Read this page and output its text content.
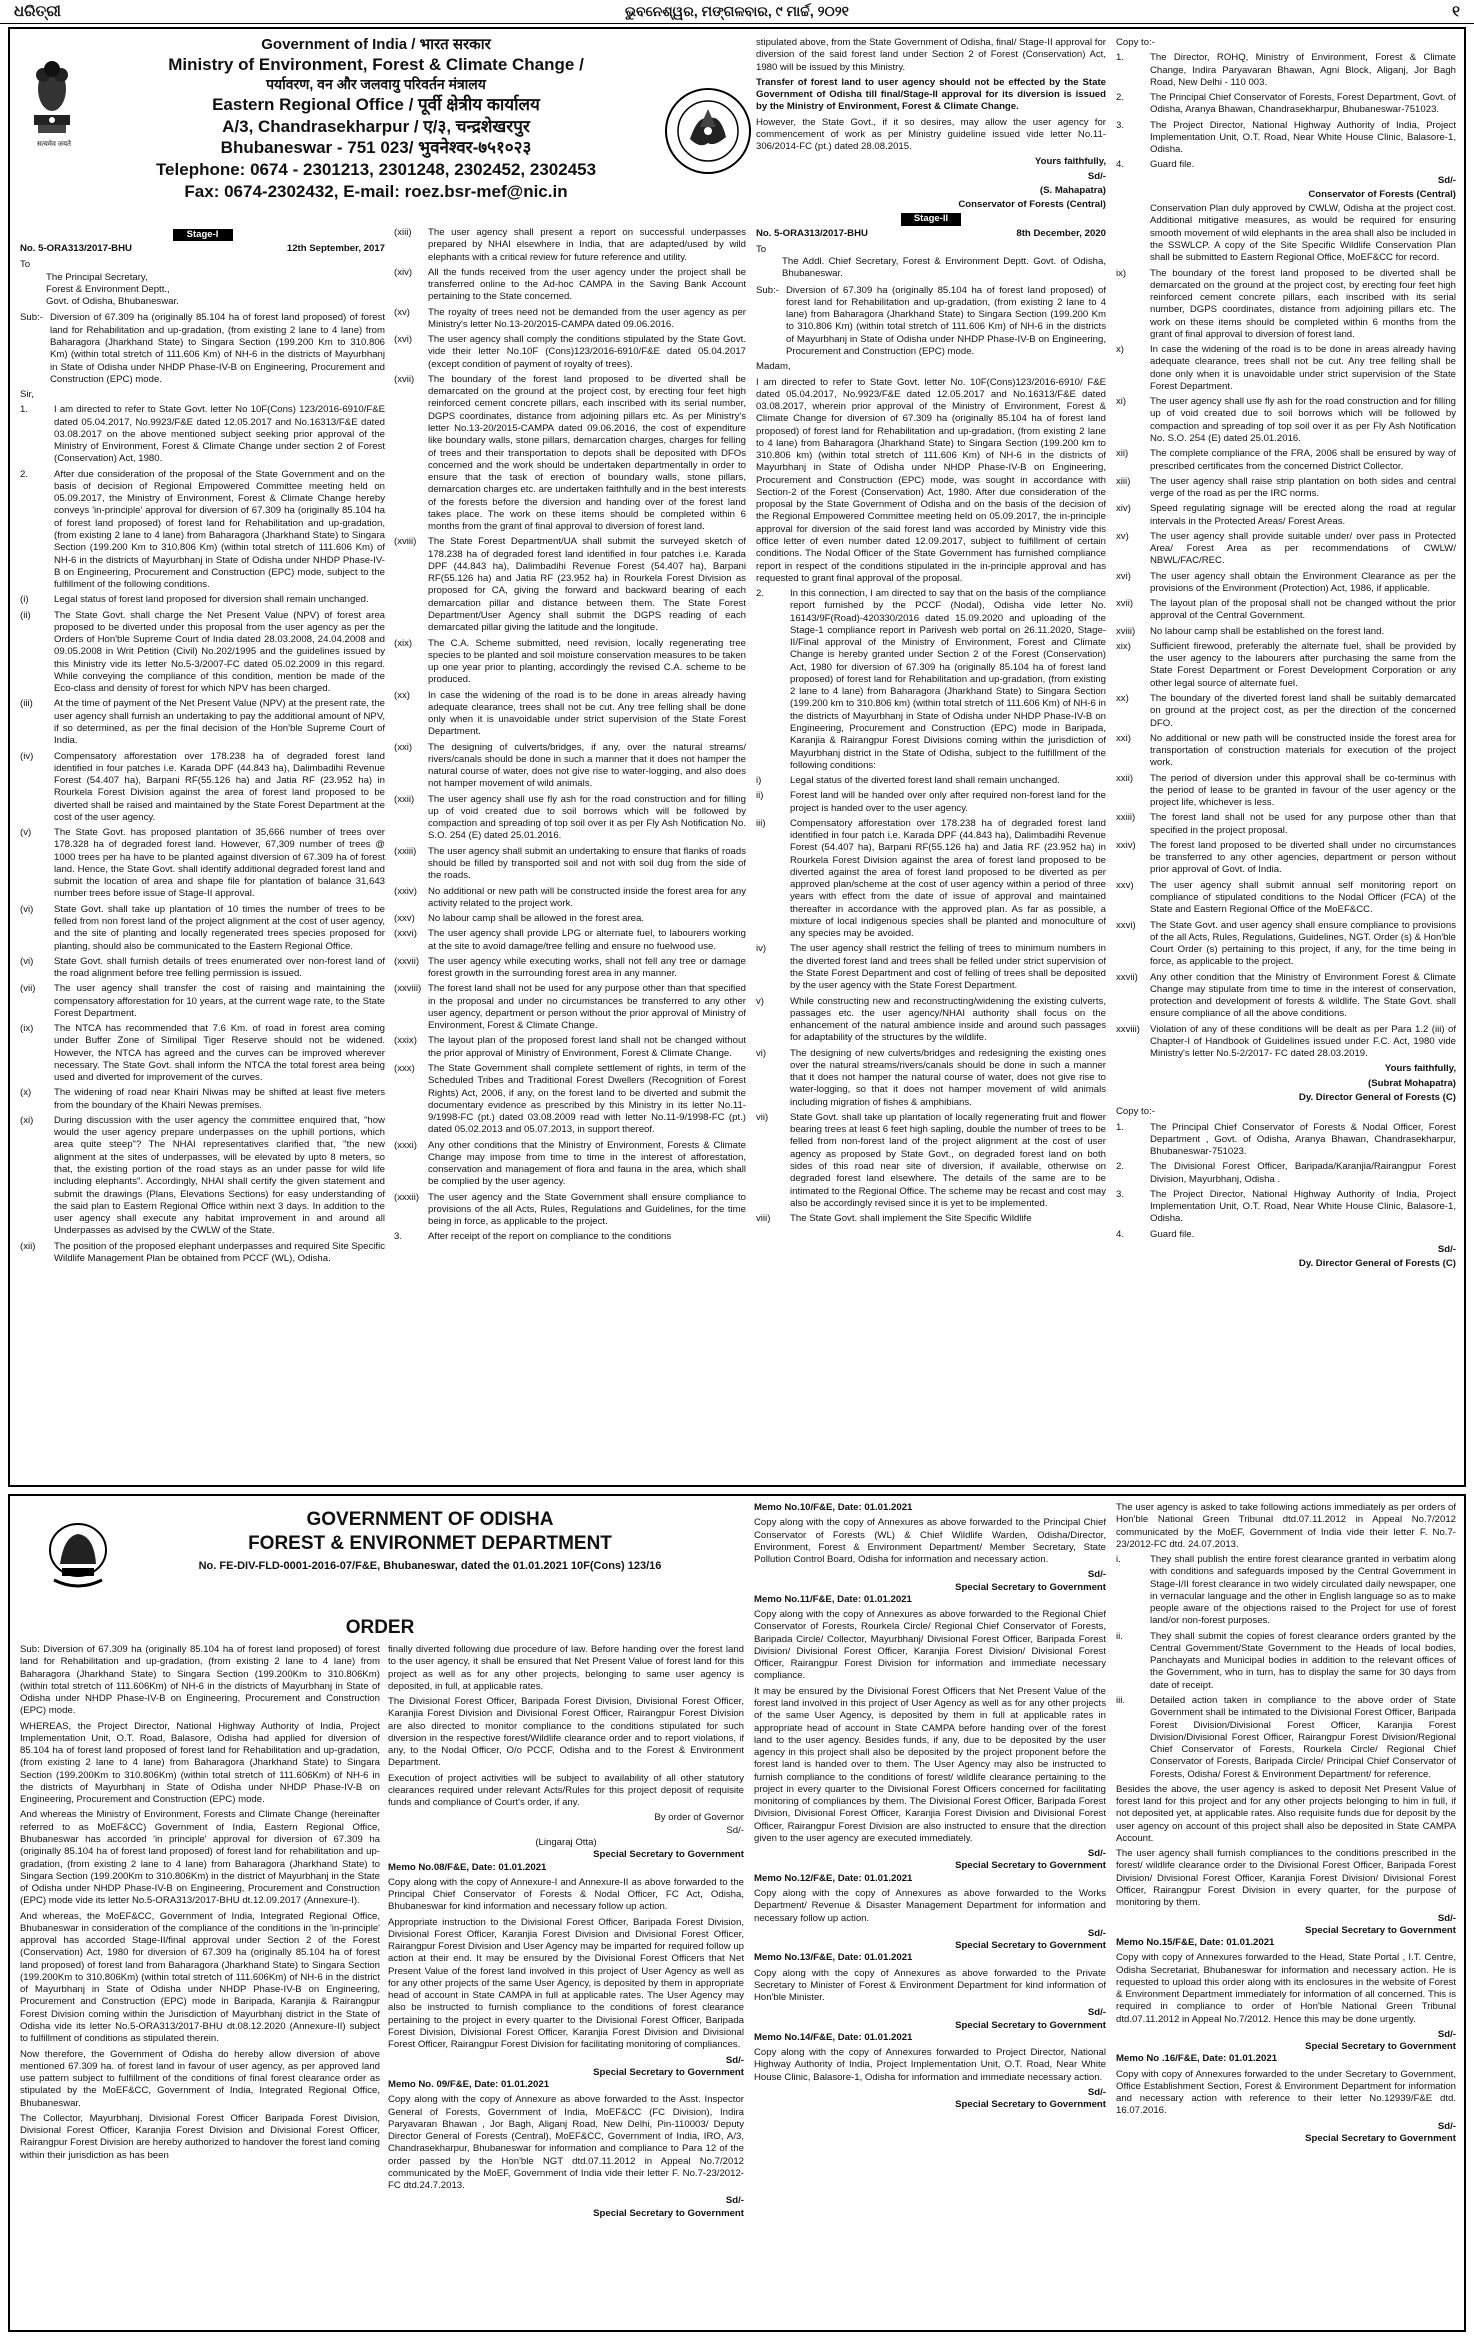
ଧରିତ୍ରୀ	ଭୁବନେଶ୍ୱର, ମଙ୍ଗଳବାର, ୯ ମାର୍ଚ୍ଚ, ୨୦୨୧	୧
सत्यमेव जयते
Government of India / भारत सरकार
Ministry of Environment, Forest & Climate Change /
पर्यावरण, वन और जलवायु परिवर्तन मंत्रालय
Eastern Regional Office / पूर्वी क्षेत्रीय कार्यालय
A/3, Chandrasekharpur / ए/३, चन्द्रशेखरपुर
Bhubaneswar - 751 023/ भुवनेश्वर-७५१०२३
Telephone: 0674 - 2301213, 2301248, 2302452, 2302453
Fax: 0674-2302432, E-mail: roez.bsr-mef@nic.in
Stage-I
No. 5-ORA313/2017-BHU	12th September, 2017
To
The Principal Secretary,
Forest & Environment Deptt.,
Govt. of Odisha, Bhubaneswar.
Sub:- Diversion of 67.309 ha (originally 85.104 ha of forest land proposed) of forest land for Rehabilitation and up-gradation, (from existing 2 lane to 4 lane) from Baharagora (Jharkhand State) to Singara Section (199.200 Km to 310.806 Km) (within total stretch of 111.606 Km) of NH-6 in the districts of Mayurbhanj in State of Odisha under NHDP Phase-IV-B on Engineering, Procurement and Construction (EPC) mode.
Sir,
1.	I am directed to refer to State Govt. letter No 10F(Cons) 123/2016-6910/F&E dated 05.04.2017, No.9923/F&E dated 12.05.2017 and No.16313/F&E dated 03.08.2017 on the above mentioned subject seeking prior approval of the Ministry of Environment, Forest & Climate Change under section 2 of Forest (Conservation) Act, 1980.
2.	After due consideration of the proposal of the State Government and on the basis of decision of Regional Empowered Committee meeting held on 05.09.2017, the Ministry of Environment, Forest & Climate Change hereby conveys 'in-principle' approval for diversion of 67.309 ha (originally 85.104 ha of forest land proposed) of forest land for Rehabilitation and up-gradation, (from existing 2 lane to 4 lane) from Baharagora (Jharkhand State) to Singara Section (199.200 Km to 310.806 Km) (within total stretch of 111.606 Km) of NH-6 in the districts of Mayurbhanj in State of Odisha under NHDP Phase-IV-B on Engineering, Procurement and Construction (EPC) mode, subject to the fulfillment of the following conditions.
(i)	Legal status of forest land proposed for diversion shall remain unchanged.
(ii)	The State Govt. shall charge the Net Present Value (NPV) of forest area proposed to be diverted under this proposal from the user agency as per the Orders of Hon'ble Supreme Court of India dated 28.03.2008, 24.04.2008 and 09.05.2008 in Writ Petition (Civil) No.202/1995 and the guidelines issued by this Ministry vide its letter No.5-3/2007-FC dated 05.02.2009 in this regard. While conveying the compliance of this condition, mention be made of the Eco-class and density of forest for which NPV has been charged.
(iii)	At the time of payment of the Net Present Value (NPV) at the present rate, the user agency shall furnish an undertaking to pay the additional amount of NPV, if so determined, as per the final decision of the Hon'ble Supreme Court of India.
(iv)	Compensatory afforestation over 178.238 ha of degraded forest land identified in four patches i.e. Karada DPF (44.843 ha), Dalimbadihi Revenue Forest (54.407 ha), Barpani RF(55.126 ha) and Jatia RF (23.952 ha) in Rourkela Forest Division against the area of forest land proposed to be diverted shall be raised and maintained by the State Forest Department at the cost of the user agency.
(v)	The State Govt. has proposed plantation of 35,666 number of trees over 178.328 ha of degraded forest land. However, 67,309 number of trees @ 1000 trees per ha have to be planted against diversion of 67.309 ha of forest land. Hence, the State Govt. shall identify additional degraded forest land and submit the location of area and shape file for plantation of balance 31,643 number trees before issue of Stage-II approval.
(vi)	State Govt. shall take up plantation of 10 times the number of trees to be felled from non forest land of the project alignment at the cost of user agency, and the site of planting and locally regenerated trees species proposed for planting, should also be communicated to the Eastern Regional Office.
(vi)	State Govt. shall furnish details of trees enumerated over non-forest land of the road alignment before tree felling permission is issued.
(vii)	The user agency shall transfer the cost of raising and maintaining the compensatory afforestation for 10 years, at the current wage rate, to the State Forest Department.
(ix)	The NTCA has recommended that 7.6 Km. of road in forest area coming under Buffer Zone of Similipal Tiger Reserve should not be widened. However, the NTCA has agreed and the curves can be improved wherever necessary. The State Govt. shall inform the NTCA the total forest area being used and diverted for improvement of the curves.
(x)	The widening of road near Khairi Niwas may be shifted at least five meters from the boundary of the Khairi Newas premises.
(xi)	During discussion with the user agency the committee enquired that, "how would the user agency prepare underpasses on the uphill portions, which area quite steep"? The NHAI representatives clarified that, "the new alignment at the sites of underpasses, will be elevated by upto 8 meters, so that, the existing portion of the road stays as an under passe for wild life including elephants". Accordingly, NHAI shall certify the given statement and submit the drawings (Plans, Elevations Sections) for easy understanding of the said plan to Eastern Regional Office within next 3 days. In addition to the user agency shall execute any habitat improvement in and around all Underpasses as advised by the CWLW of the State.
(xii)	The position of the proposed elephant underpasses and required Site Specific Wildlife Management Plan be obtained from PCCF (WL), Odisha.
(xiii)	The user agency shall present a report on successful underpasses prepared by NHAI elsewhere in India, that are adapted/used by wild elephants with a critical review for future reference and utility.
(xiv)	All the funds received from the user agency under the project shall be transferred online to the Ad-hoc CAMPA in the Saving Bank Account pertaining to the State concerned.
(xv)	The royalty of trees need not be demanded from the user agency as per Ministry's letter No.13-20/2015-CAMPA dated 09.06.2016.
(xvi)	The user agency shall comply the conditions stipulated by the State Govt. vide their letter No.10F (Cons)123/2016-6910/F&E dated 05.04.2017 (except condition of payment of royalty of trees).
(xvii)	The boundary of the forest land proposed to be diverted shall be demarcated on the ground at the project cost, by erecting four feet high reinforced cement concrete pillars, each inscribed with its serial number, DGPS coordinates, distance from adjoining pillars etc. As per Ministry's letter No.13-20/2015-CAMPA dated 09.06.2016, the cost of expenditure like boundary walls, stone pillars, demarcation charges, charges for felling of trees and their transportation to depots shall be deposited with DFOs concerned and the work should be undertaken departmentally in order to ensure that the task of erection of boundary walls, stone pillars, demarcation charges etc. are undertaken faithfully and in the best interests of the forests before the diversion and handing over of the forest land takes place. The work on these items should be completed within 6 months from the grant of final approval to diversion of forest land.
(xviii)	The State Forest Department/UA shall submit the surveyed sketch of 178.238 ha of degraded forest land identified in four patches i.e. Karada DPF (44.843 ha), Dalimbadihi Revenue Forest (54.407 ha), Barpani RF(55.126 ha) and Jatia RF (23.952 ha) in Rourkela Forest Division as proposed for CA, giving the forward and backward bearing of each demarcation pillar and distance between them. The State Forest Department/User Agency shall submit the DGPS reading of each demarcated pillar giving the latitude and the longitude.
(xix)	The C.A. Scheme submitted, need revision, locally regenerating tree species to be planted and soil moisture conservation measures to be taken up one year prior to planting, accordingly the revised C.A. scheme to be produced.
(xx)	In case the widening of the road is to be done in areas already having adequate clearance, trees shall not be cut. Any tree felling shall be done only when it is unavoidable under strict supervision of the State Forest Department.
(xxi)	The designing of culverts/bridges, if any, over the natural streams/ rivers/canals should be done in such a manner that it does not hamper the natural course of water, does not give rise to water-logging, and also does not hamper movement of wild animals.
(xxii)	The user agency shall use fly ash for the road construction and for filling up of void created due to soil borrows which will be followed by compaction and spreading of top soil over it as per Fly Ash Notification No. S.O. 254 (E) dated 25.01.2016.
(xxiii)	The user agency shall submit an undertaking to ensure that flanks of roads should be filled by transported soil and not with soil dug from the side of the roads.
(xxiv)	No additional or new path will be constructed inside the forest area for any activity related to the project work.
(xxv)	No labour camp shall be allowed in the forest area.
(xxvi)	The user agency shall provide LPG or alternate fuel, to labourers working at the site to avoid damage/tree felling and ensure no fuelwood use.
(xxvii) The user agency while executing works, shall not fell any tree or damage forest growth in the surrounding forest area in any manner.
(xxviii) The forest land shall not be used for any purpose other than that specified in the proposal and under no circumstances be transferred to any other user agency, department or person without the prior approval of Ministry of Environment, Forest & Climate Change.
(xxix)	The layout plan of the proposed forest land shall not be changed without the prior approval of Ministry of Environment, Forest & Climate Change.
(xxx)	The State Government shall complete settlement of rights, in term of the Scheduled Tribes and Traditional Forest Dwellers (Recognition of Forest Rights) Act, 2006, if any, on the forest land to be diverted and submit the documentary evidence as prescribed by this Ministry in its letter No.11-9/1998-FC (pt.) dated 03.08.2009 read with letter No.11-9/1998-FC (pt.) dated 05.02.2013 and 05.07.2013, in support thereof.
(xxxi)	Any other conditions that the Ministry of Environment, Forests & Climate Change may impose from time to time in the interest of afforestation, conservation and management of flora and fauna in the area, which shall be complied by the user agency.
(xxxii) The user agency and the State Government shall ensure compliance to provisions of the all Acts, Rules, Regulations and Guidelines, for the time being in force, as applicable to the project.
3.	After receipt of the report on compliance to the conditions
stipulated above, from the State Government of Odisha, final/ Stage-II approval for diversion of the said forest land under Section 2 of Forest (Conservation) Act, 1980 will be issued by this Ministry.
Transfer of forest land to user agency should not be effected by the State Government of Odisha till final/Stage-II approval for its diversion is issued by the Ministry of Environment, Forest & Climate Change.
However, the State Govt., if it so desires, may allow the user agency for commencement of work as per Ministry guideline issued vide letter No.11-306/2014-FC (pt.) dated 28.08.2015.
Yours faithfully,
Sd/-
(S. Mahapatra)
Conservator of Forests (Central)
Stage-II
No. 5-ORA313/2017-BHU	8th December, 2020
To
The Addl. Chief Secretary, Forest & Environment Deptt. Govt. of Odisha, Bhubaneswar.
Sub:- Diversion of 67.309 ha (originally 85.104 ha of forest land proposed) of forest land for Rehabilitation and up-gradation, (from existing 2 lane to 4 lane) from Baharagora (Jharkhand State) to Singara Section (199.200 Km to 310.806 Km) (within total stretch of 111.606 Km) of NH-6 in the districts of Mayurbhanj in State of Odisha under NHDP Phase-IV-B on Engineering, Procurement and Construction (EPC) mode.
Madam,
I am directed to refer to State Govt. letter No. 10F(Cons)123/2016-6910/ F&E dated 05.04.2017, No.9923/F&E dated 12.05.2017 and No.16313/F&E dated 03.08.2017, wherein prior approval of the Ministry of Environment, Forest & Climate Change for diversion of 67.309 ha (originally 85.104 ha of forest land proposed) of forest land for Rehabilitation and up-gradation, (from existing 2 lane to 4 lane) from Baharagora (Jharkhand State) to Singara Section (199.200 km to 310.806 km) (within total stretch of 111.606 Km) of NH-6 in the districts of Mayurbhanj in State of Odisha under NHDP Phase-IV-B on Engineering, Procurement and Construction (EPC) mode, was sought in accordance with Section-2 of the Forest (Conservation) Act, 1980. After due consideration of the proposal by the State Government of Odisha and on the basis of the decision of the Regional Empowered Committee meeting held on 05.09.2017, the in-principle approval for diversion of the said forest land was accorded by Ministry vide this office letter of even number dated 12.09.2017, subject to fulfillment of certain conditions. The Nodal Officer of the State Government has furnished compliance report in respect of the conditions stipulated in the in-principle approval and has requested to grant final approval of the proposal.
2.	In this connection, I am directed to say that on the basis of the compliance report furnished by the PCCF (Nodal), Odisha vide letter No. 16143/9F(Road)-420330/2016 dated 15.09.2020 and uploading of the Stage-1 compliance report in Parivesh web portal on 26.11.2020, Stage-II/Final approval of the Ministry of Environment, Forest and Climate Change is hereby granted under Section 2 of the Forest (Conservation) Act, 1980 for diversion of 67.309 ha (originally 85.104 ha of forest land proposed) of forest land for Rehabilitation and up-gradation, (from existing 2 lane to 4 lane) from Baharagora (Jharkhand State) to Singara Section (199.200 km to 310.806 km) (within total stretch of 111.606 Km) of NH-6 in the districts of Mayurbhanj in State of Odisha under NHDP Phase-IV-B on Engineering, Procurement and Construction (EPC) mode in Baripada, Karanjia & Rairangpur Forest Divisions coming within the jurisdiction of Mayurbhanj district in the State of Odisha, subject to the fulfillment of the following conditions:
i)	Legal status of the diverted forest land shall remain unchanged.
ii)	Forest land will be handed over only after required non-forest land for the project is handed over to the user agency.
iii)	Compensatory afforestation over 178.238 ha of degraded forest land identified in four patch i.e. Karada DPF (44.843 ha), Dalimbadihi Revenue Forest (54.407 ha), Barpani RF(55.126 ha) and Jatia RF (23.952 ha) in Rourkela Forest Division against the area of forest land proposed to be diverted against the area of forest land proposed to be diverted as per approved plan/scheme at the cost of user agency within a period of three years with effect from the date of issue of approval and maintained thereafter in accordance with the approved plan. As far as possible, a mixture of local indigenous species shall be planted and monoculture of any species may be avoided.
iv)	The user agency shall restrict the felling of trees to minimum numbers in the diverted forest land and trees shall be felled under strict supervision of the State Forest Department and cost of felling of trees shall be deposited by the user agency with the State Forest Department.
v)	While constructing new and reconstructing/widening the existing culverts, passages etc. the user agency/NHAI authority shall focus on the enhancement of the natural ambience inside and around such passages for adaptability of the structures by the wildlife.
vi)	The designing of new culverts/bridges and redesigning the existing ones over the natural streams/rivers/canals should be done in such a manner that it does not hamper the natural course of water, does not give rise to water-logging, so that it does not hamper movement of wild animals including migration of fishes & amphibians.
vii)	State Govt. shall take up plantation of locally regenerating fruit and flower bearing trees at least 6 feet high sapling, double the number of trees to be felled from non-forest land of the project alignment at the cost of user agency as proposed by State Govt., on degraded forest land on both sides of this road near site of diversion, if available, otherwise on degraded forest land elsewhere. The details of the same are to be intimated to the Regional Office. The scheme may be recast and cost may also be accordingly revised since it is yet to be implemented.
viii)	The State Govt. shall implement the Site Specific Wildlife
Copy to:-
1.	The Director, ROHQ, Ministry of Environment, Forest & Climate Change, Indira Paryavaran Bhawan, Agni Block, Aliganj, Jor Bagh Road, New Delhi - 110 003.
2.	The Principal Chief Conservator of Forests, Forest Department, Govt. of Odisha, Aranya Bhawan, Chandrasekharpur, Bhubaneswar-751023.
3.	The Project Director, National Highway Authority of India, Project Implementation Unit, O.T. Road, Near White House Clinic, Balasore-1, Odisha.
4.	Guard file.
Sd/-
Conservator of Forests (Central)
Conservation Plan duly approved by CWLW, Odisha at the project cost. Additional mitigative measures, as would be required for ensuring smooth movement of wild elephants in the area shall also be included in the SSWLCP. A copy of the Site Specific Wildlife Conservation Plan shall be submitted to Eastern Regional Office, MoEF&CC for record.
ix)	The boundary of the forest land proposed to be diverted shall be demarcated on the ground at the project cost, by erecting four feet high reinforced cement concrete pillars, each inscribed with its serial number, DGPS coordinates, distance from adjoining pillars etc. The work on these items should be completed within 6 months from the grant of final approval to diversion of forest land.
x)	In case the widening of the road is to be done in areas already having adequate clearance, trees shall not be cut. Any tree felling shall be done only when it is unavoidable under strict supervision of the State Forest Department.
xi)	The user agency shall use fly ash for the road construction and for filling up of void created due to soil borrows which will be followed by compaction and spreading of top soil over it as per Fly Ash Notification No. S.O. 254 (E) dated 25.01.2016.
xii)	The complete compliance of the FRA, 2006 shall be ensured by way of prescribed certificates from the concerned District Collector.
xiii)	The user agency shall raise strip plantation on both sides and central verge of the road as per the IRC norms.
xiv)	Speed regulating signage will be erected along the road at regular intervals in the Protected Areas/ Forest Areas.
xv)	The user agency shall provide suitable under/ over pass in Protected Area/ Forest Area as per recommendations of CWLW/ NBWL/FAC/REC.
xvi)	The user agency shall obtain the Environment Clearance as per the provisions of the Environment (Protection) Act, 1986, if applicable.
xvii)	The layout plan of the proposal shall not be changed without the prior approval of the Central Government.
xviii)	No labour camp shall be established on the forest land.
xix)	Sufficient firewood, preferably the alternate fuel, shall be provided by the user agency to the labourers after purchasing the same from the State Forest Department or Forest Development Corporation or any other legal source of alternate fuel.
xx)	The boundary of the diverted forest land shall be suitably demarcated on ground at the project cost, as per the direction of the concerned DFO.
xxi)	No additional or new path will be constructed inside the forest area for transportation of construction materials for execution of the project work.
xxii)	The period of diversion under this approval shall be co-terminus with the period of lease to be granted in favour of the user agency or the project life, whichever is less.
xxiii)	The forest land shall not be used for any purpose other than that specified in the project proposal.
xxiv)	The forest land proposed to be diverted shall under no circumstances be transferred to any other agencies, department or person without prior approval of Govt. of India.
xxv)	The user agency shall submit annual self monitoring report on compliance of stipulated conditions to the Nodal Officer (FCA) of the State and Eastern Regional Office of the MoEF&CC.
xxvi)	The State Govt. and user agency shall ensure compliance to provisions of the all Acts, Rules, Regulations, Guidelines, NGT. Order (s) & Hon'ble Court Order (s) pertaining to this project, if any, for the time being in force, as applicable to the project.
xxvii)	Any other condition that the Ministry of Environment Forest & Climate Change may stipulate from time to time in the interest of conservation, protection and development of forests & wildlife. The State Govt. shall ensure compliance of all the above conditions.
xxviii)	Violation of any of these conditions will be dealt as per Para 1.2 (iii) of Chapter-I of Handbook of Guidelines issued under F.C. Act, 1980 vide Ministry's letter No.5-2/2017- FC dated 28.03.2019.
Yours faithfully,
(Subrat Mohapatra)
Dy. Director General of Forests (C)
Copy to:-
1.	The Principal Chief Conservator of Forests & Nodal Officer, Forest Department , Govt. of Odisha, Aranya Bhawan, Chandrasekharpur, Bhubaneswar-751023.
2.	The Divisional Forest Officer, Baripada/Karanjia/Rairangpur Forest Division, Mayurbhanj, Odisha .
3.	The Project Director, National Highway Authority of India, Project Implementation Unit, O.T. Road, Near White House Clinic, Balasore-1, Odisha.
4.	Guard file.
Sd/-
Dy. Director General of Forests (C)
GOVERNMENT OF ODISHA
FOREST & ENVIRONMET DEPARTMENT
No. FE-DIV-FLD-0001-2016-07/F&E, Bhubaneswar, dated the 01.01.2021 10F(Cons) 123/16
ORDER
Sub: Diversion of 67.309 ha (originally 85.104 ha of forest land proposed) of forest land for Rehabilitation and up-gradation, (from existing 2 lane to 4 lane) from Baharagora (Jharkhand State) to Singara Section (199.200Km to 310.806Km) (within total stretch of 111.606Km) of NH-6 in the districts of Mayurbhanj in State of Odisha under NHDP Phase-IV-B on Engineering, Procurement and Construction (EPC) mode.
WHEREAS, the Project Director, National Highway Authority of India, Project Implementation Unit, O.T. Road, Balasore, Odisha had applied for diversion of 85.104 ha of forest land proposed of forest land for Rehabilitation and up-gradation, (from existing 2 lane to 4 lane) from Baharagora (Jharkhand State) to Singara Section (199.200Km to 310.806Km) (within total stretch of 111.606Km) of NH-6 in the districts of Mayurbhanj in State of Odisha under NHDP Phase-IV-B on Engineering, Procurement and Construction (EPC) mode.
And whereas the Ministry of Environment, Forests and Climate Change (hereinafter referred to as MoEF&CC) Government of India, Eastern Regional Office, Bhubaneswar has accorded 'in principle' approval for diversion of 67.309 ha (originally 85.104 ha of forest land proposed) of forest land for rehabilitation and up-gradation, (from existing 2 lane to 4 lane) from Baharagora (Jharkhand State) to Singara Section (199.200Km to 310.806Km) in the district of Mayurbhanj in the State of Odisha under NHDP Phase-IV-B on Engineering, Procurement and Construction (EPC) mode vide its letter No.5-ORA313/2017-BHU dt.12.09.2017 (Annexure-I).
And whereas, the MoEF&CC, Government of India, Integrated Regional Office, Bhubaneswar in consideration of the compliance of the conditions in the 'in-principle' approval has accorded Stage-II/final approval under Section 2 of the Forest (Conservation) Act, 1980 for diversion of 67.309 ha (originally 85.104 ha of forest land proposed) of forest land from Baharagora (Jharkhand State) to Singara Section (199.200Km to 310.806Km) (within total stretch of 111.606Km) of NH-6 in the district of Mayurbhanj in State of Odisha under NHDP Phase-IV-B on Engineering, Procurement and Construction (EPC) mode in Baripada, Karanjia & Rairangpur Forest Division coming within the Jurisdiction of Mayurbhanj district in the State of Odisha vide its letter No.5-ORA313/2017-BHU dt.08.12.2020 (Annexure-II) subject to fulfillment of conditions as stipulated therein.
Now therefore, the Government of Odisha do hereby allow diversion of above mentioned 67.309 ha. of forest land in favour of user agency, as per approved land use pattern subject to fulfillment of the conditions of final forest clearance order as stipulated by the MoEF&CC, Government of India, Integrated Regional Office, Bhubaneswar.
The Collector, Mayurbhanj, Divisional Forest Officer Baripada Forest Division, Divisional Forest Officer, Karanjia Forest Division and Divisional Forest Officer, Rairangpur Forest Division are hereby authorized to handover the forest land coming within their jurisdiction as has been
finally diverted following due procedure of law. Before handing over the forest land to the user agency, it shall be ensured that Net Present Value of forest land for this project as well as for any other projects, belonging to same user agency is deposited, in full, at applicable rates.
The Divisional Forest Officer, Baripada Forest Division, Divisional Forest Officer, Karanjia Forest Division and Divisional Forest Officer, Rairangpur Forest Division are also directed to monitor compliance to the conditions stipulated for such diversion in the respective forest/Wildlife clearance order and to report violations, if any, to the Nodal Officer, O/o PCCF, Odisha and to the Forest & Environment Department.
Execution of project activities will be subject to availability of all other statutory clearances required under relevant Acts/Rules for this project deposit of requisite funds and compliance of Court's order, if any.
By order of Governor
Sd/-
(Lingaraj Otta)
Special Secretary to Government
Memo No.08/F&E, Date: 01.01.2021
Copy along with the copy of Annexure-I and Annexure-II as above forwarded to the Principal Chief Conservator of Forests & Nodal Officer, FC Act, Odisha, Bhubaneswar for kind information and necessary follow up action.
Appropriate instruction to the Divisional Forest Officer, Baripada Forest Division, Divisional Forest Officer, Karanjia Forest Division and Divisional Forest Officer, Rairangpur Forest Division and User Agency may be imparted for required follow up action at their end. It may be ensured by the Divisional Forest Officers that Net Present Value of the forest land involved in this project of User Agency as well as for any other projects of the same User Agency, is deposited by them in appropriate head of account in State CAMPA in full at applicable rates. The User Agency may also be instructed to furnish compliance to the conditions of forest clearance pertaining to the project in every quarter to the Divisional Forest Officer, Baripada Forest Division, Divisional Forest Officer, Karanjia Forest Division and Divisional Forest Officer, Rairangpur Forest Division for facilitating monitoring of compliances.
Sd/-
Special Secretary to Government
Memo No. 09/F&E, Date: 01.01.2021
Copy along with the copy of Annexure as above forwarded to the Asst. Inspector General of Forests, Government of India, MoEF&CC (FC Division), Indira Paryavaran Bhawan , Jor Bagh, Aliganj Road, New Delhi, Pin-110003/ Deputy Director General of Forests (Central), MoEF&CC, Government of India, IRO, A/3, Chandrasekharpur, Bhubaneswar for information and compliance to Para 12 of the order passed by the Hon'ble NGT dtd.07.11.2012 in Appeal No.7/2012 communicated by the MoEF, Government of India vide their letter F. No.7-23/2012-FC dtd.24.7.2013.
Sd/-
Special Secretary to Government
Memo No.10/F&E, Date: 01.01.2021
Copy along with the copy of Annexures as above forwarded to the Principal Chief Conservator of Forests (WL) & Chief Wildlife Warden, Odisha/Director, Environment, Forest & Environment Department/ Member Secretary, State Pollution Control Board, Odisha for information and necessary action.
Sd/-
Special Secretary to Government
Memo No.11/F&E, Date: 01.01.2021
Copy along with the copy of Annexures as above forwarded to the Regional Chief Conservator of Forests, Rourkela Circle/ Regional Chief Conservator of Forests, Baripada Circle/ Collector, Mayurbhanj/ Divisional Forest Officer, Baripada Forest Division/ Divisional Forest Officer, Karanjia Forest Division/ Divisional Forest Officer, Rairangpur Forest Division for information and immediate necessary compliance.
It may be ensured by the Divisional Forest Officers that Net Present Value of the forest land involved in this project of User Agency as well as for any other projects of the same User Agency, is deposited by them in full at applicable rates in appropriate head of account in State CAMPA before handing over of the forest land to the user agency. Besides funds, if any, due to be deposited by the user agency in this project shall also be deposited by the project proponent before the forest land is handed over to them. The User Agency may also be instructed to furnish compliance to the conditions of forest/ wildlife clearance pertaining to the project in every quarter to the Divisional Forest Officers concerned for facilitating monitoring of compliances by them. The Divisional Forest Officer, Baripada Forest Division, Divisional Forest Officer, Karanjia Forest Division and Divisional Forest Officer, Rairangpur Forest Division are also instructed to ensure that the direction given to the user agency are executed immediately.
Sd/-
Special Secretary to Government
Memo No.12/F&E, Date: 01.01.2021
Copy along with the copy of Annexures as above forwarded to the Works Department/ Revenue & Disaster Management Department for information and necessary follow up action.
Sd/-
Special Secretary to Government
Memo No.13/F&E, Date: 01.01.2021
Copy along with the copy of Annexures as above forwarded to the Private Secretary to Minister of Forest & Environment Department for kind information of Hon'ble Minister.
Sd/-
Special Secretary to Government
Memo No.14/F&E, Date: 01.01.2021
Copy along with the copy of Annexures forwarded to Project Director, National Highway Authority of India, Project Implementation Unit, O.T. Road, Near White House Clinic, Balasore-1, Odisha for information and immediate necessary action.
Sd/-
Special Secretary to Government
The user agency is asked to take following actions immediately as per orders of Hon'ble National Green Tribunal dtd.07.11.2012 in Appeal No.7/2012 communicated by the MoEF, Government of India vide their letter F. No.7-23/2012-FC dtd. 24.07.2013.
i.	They shall publish the entire forest clearance granted in verbatim along with conditions and safeguards imposed by the Central Government in Stage-I/II forest clearance in two widely circulated daily newspaper, one in vernacular language and the other in English language so as to make people aware of the objections raised to the Project for use of forest land/or non-forest purposes.
ii.	They shall submit the copies of forest clearance orders granted by the Central Government/State Government to the Heads of local bodies, Panchayats and Municipal bodies in addition to the relevant offices of the Government, who in turn, has to display the same for 30 days from date of receipt.
iii.	Detailed action taken in compliance to the above order of State Government shall be intimated to the Divisional Forest Officer, Baripada Forest Division/Divisional Forest Officer, Karanjia Forest Division/Divisional Forest Officer, Rairangpur Forest Division/Regional Chief Conservator of Forests, Rourkela Circle/ Regional Chief Conservator of Forests, Baripada Circle/ Principal Chief Conservator of Forests, Odisha/ Forest & Environment Department/ for reference.
Besides the above, the user agency is asked to deposit Net Present Value of forest land for this project and for any other projects belonging to him in full, if not deposited yet, at applicable rates. Also requisite funds due for deposit by the user agency on account of this project shall also be deposited in State CAMPA Account.
The user agency shall furnish compliances to the conditions prescribed in the forest/ wildlife clearance order to the Divisional Forest Officer, Baripada Forest Division/ Divisional Forest Officer, Karanjia Forest Division/ Divisional Forest Officer, Rairangpur Forest Division in every quarter, for the purpose of monitoring by them.
Sd/-
Special Secretary to Government
Memo No.15/F&E, Date: 01.01.2021
Copy with copy of Annexures forwarded to the Head, State Portal , I.T. Centre, Odisha Secretariat, Bhubaneswar for information and necessary action. He is requested to upload this order along with its enclosures in the website of Forest & Environment Department immediately for information of all concerned. This is required in compliance to order of Hon'ble National Green Tribunal dtd.07.11.2012 in Appeal No.7/2012. Hence this may be done urgently.
Sd/-
Special Secretary to Government
Memo No .16/F&E, Date: 01.01.2021
Copy with copy of Annexures forwarded to the under Secretary to Government, Office Establishment Section, Forest & Environment Department for information and necessary action with reference to their letter No.12939/F&E dtd. 16.07.2016.
Sd/-
Special Secretary to Government
